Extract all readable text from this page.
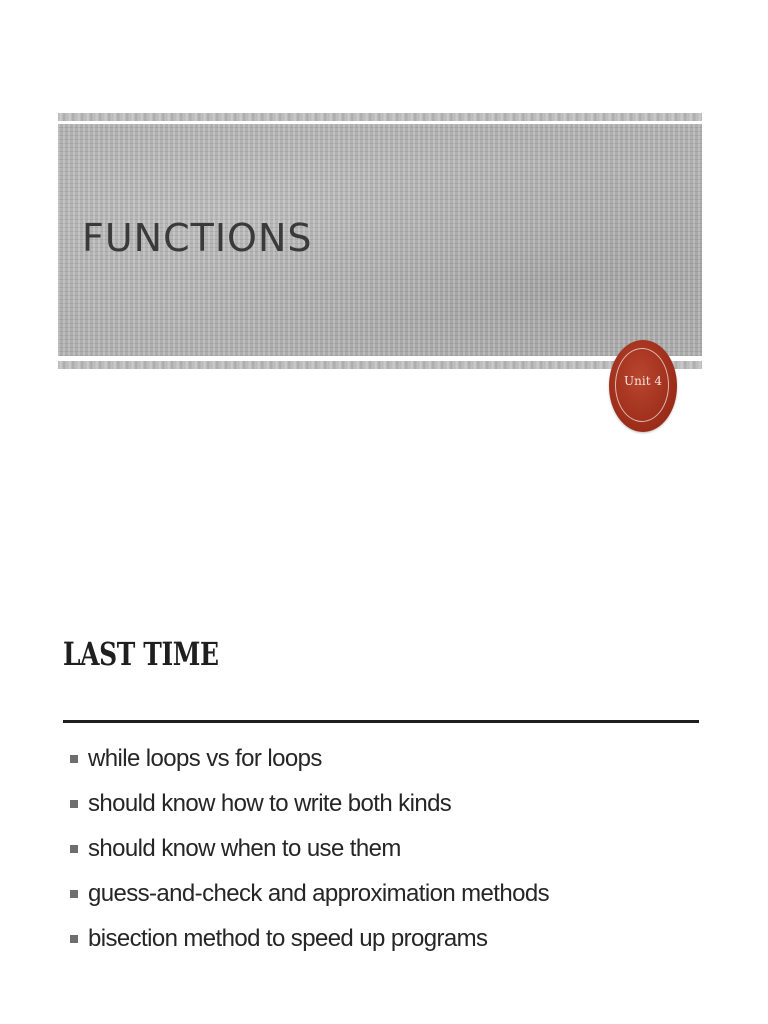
FUNCTIONS
Unit 4
LAST TIME
while loops vs for loops
should know how to write both kinds
should know when to use them
guess-and-check and approximation methods
bisection method to speed up programs
